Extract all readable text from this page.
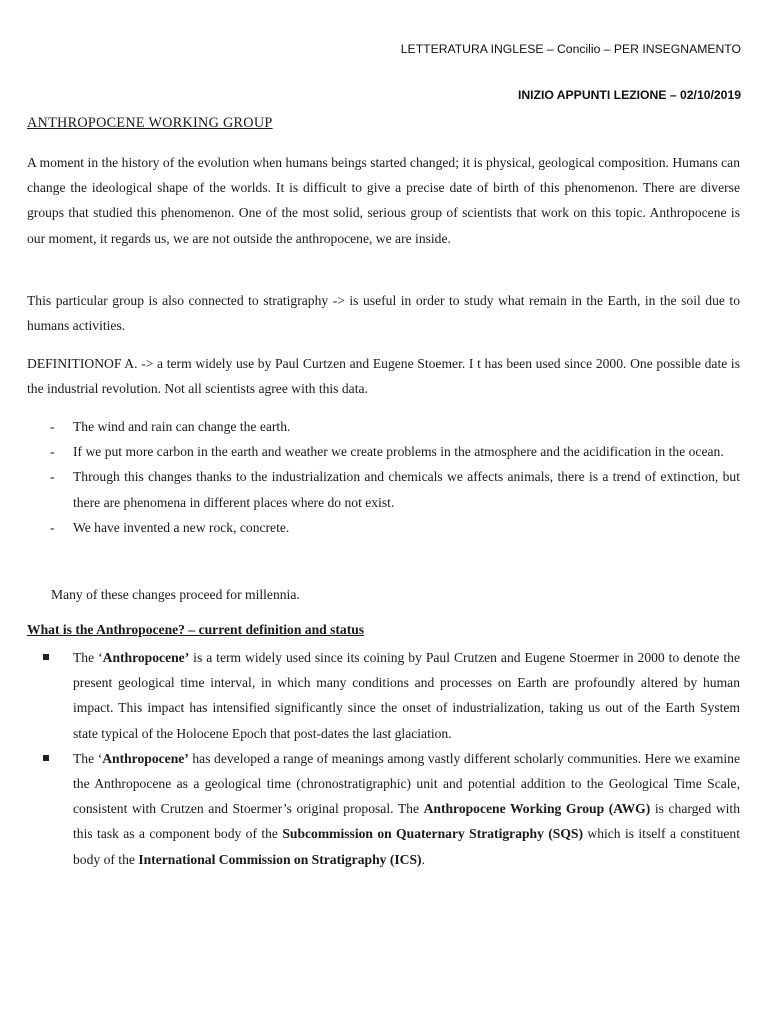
LETTERATURA INGLESE – Concilio – PER INSEGNAMENTO
INIZIO APPUNTI LEZIONE – 02/10/2019
ANTHROPOCENE WORKING GROUP

A moment in the history of the evolution when humans beings started changed; it is physical, geological composition. Humans can change the ideological shape of the worlds. It is difficult to give a precise date of birth of this phenomenon. There are diverse groups that studied this phenomenon. One of the most solid, serious group of scientists that work on this topic. Anthropocene is our moment, it regards us, we are not outside the anthropocene, we are inside.

This particular group is also connected to stratigraphy -> is useful in order to study what remain in the Earth, in the soil due to humans activities.

DEFINITIONOF A. -> a term widely use by Paul Curtzen and Eugene Stoemer. I t has been used since 2000. One possible date is the industrial revolution. Not all scientists agree with this data.

- The wind and rain can change the earth.
- If we put more carbon in the earth and weather we create problems in the atmosphere and the acidification in the ocean.
- Through this changes thanks to the industrialization and chemicals we affects animals, there is a trend of extinction, but there are phenomena in different places where do not exist.
- We have invented a new rock, concrete.

Many of these changes proceed for millennia.

What is the Anthropocene? – current definition and status
The ‘Anthropocene’ is a term widely used since its coining by Paul Crutzen and Eugene Stoermer in 2000 to denote the present geological time interval, in which many conditions and processes on Earth are profoundly altered by human impact. This impact has intensified significantly since the onset of industrialization, taking us out of the Earth System state typical of the Holocene Epoch that post-dates the last glaciation.
The ‘Anthropocene’ has developed a range of meanings among vastly different scholarly communities. Here we examine the Anthropocene as a geological time (chronostratigraphic) unit and potential addition to the Geological Time Scale, consistent with Crutzen and Stoermer’s original proposal. The Anthropocene Working Group (AWG) is charged with this task as a component body of the Subcommission on Quaternary Stratigraphy (SQS) which is itself a constituent body of the International Commission on Stratigraphy (ICS).
